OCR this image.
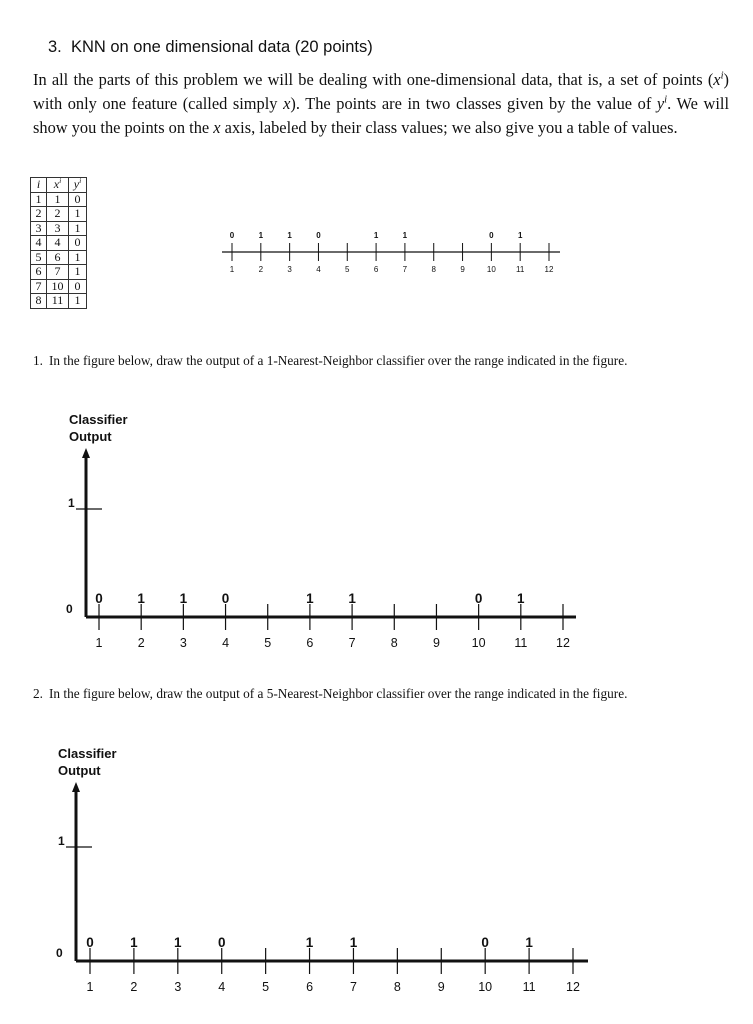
3. KNN on one dimensional data (20 points)

In all the parts of this problem we will be dealing with one-dimensional data, that is, a set of points $(x^i)$ with only one feature (called simply x). The points are in two classes given by the value of $y^i$. We will show you the points on the x axis, labeled by their class values; we also give you a table of values.

i	$x^i$	$y^i$
1	1	0
2	2	1
3	3	1
4	4	0
5	6	1
6	7	1
7	10	0
8	11	1
1	2	3	4	5	6	7	8	9	10	11	12
0	1	1	0	1	1	0	1
1. In the figure below, draw the output of a 1-Nearest-Neighbor classifier over the range indicated in the figure.
Classifier
Output
1
0
1	2	3	4	5	6	7	8	9	10 11 12
0	1	1	0	1	1	0	1
2. In the figure below, draw the output of a 5-Nearest-Neighbor classifier over the range indicated in the figure.
Classifier
Output
1
0
1	2	3	4	5	6	7	8	9	10 11 12
0	1	1	0	1	1	0	1
